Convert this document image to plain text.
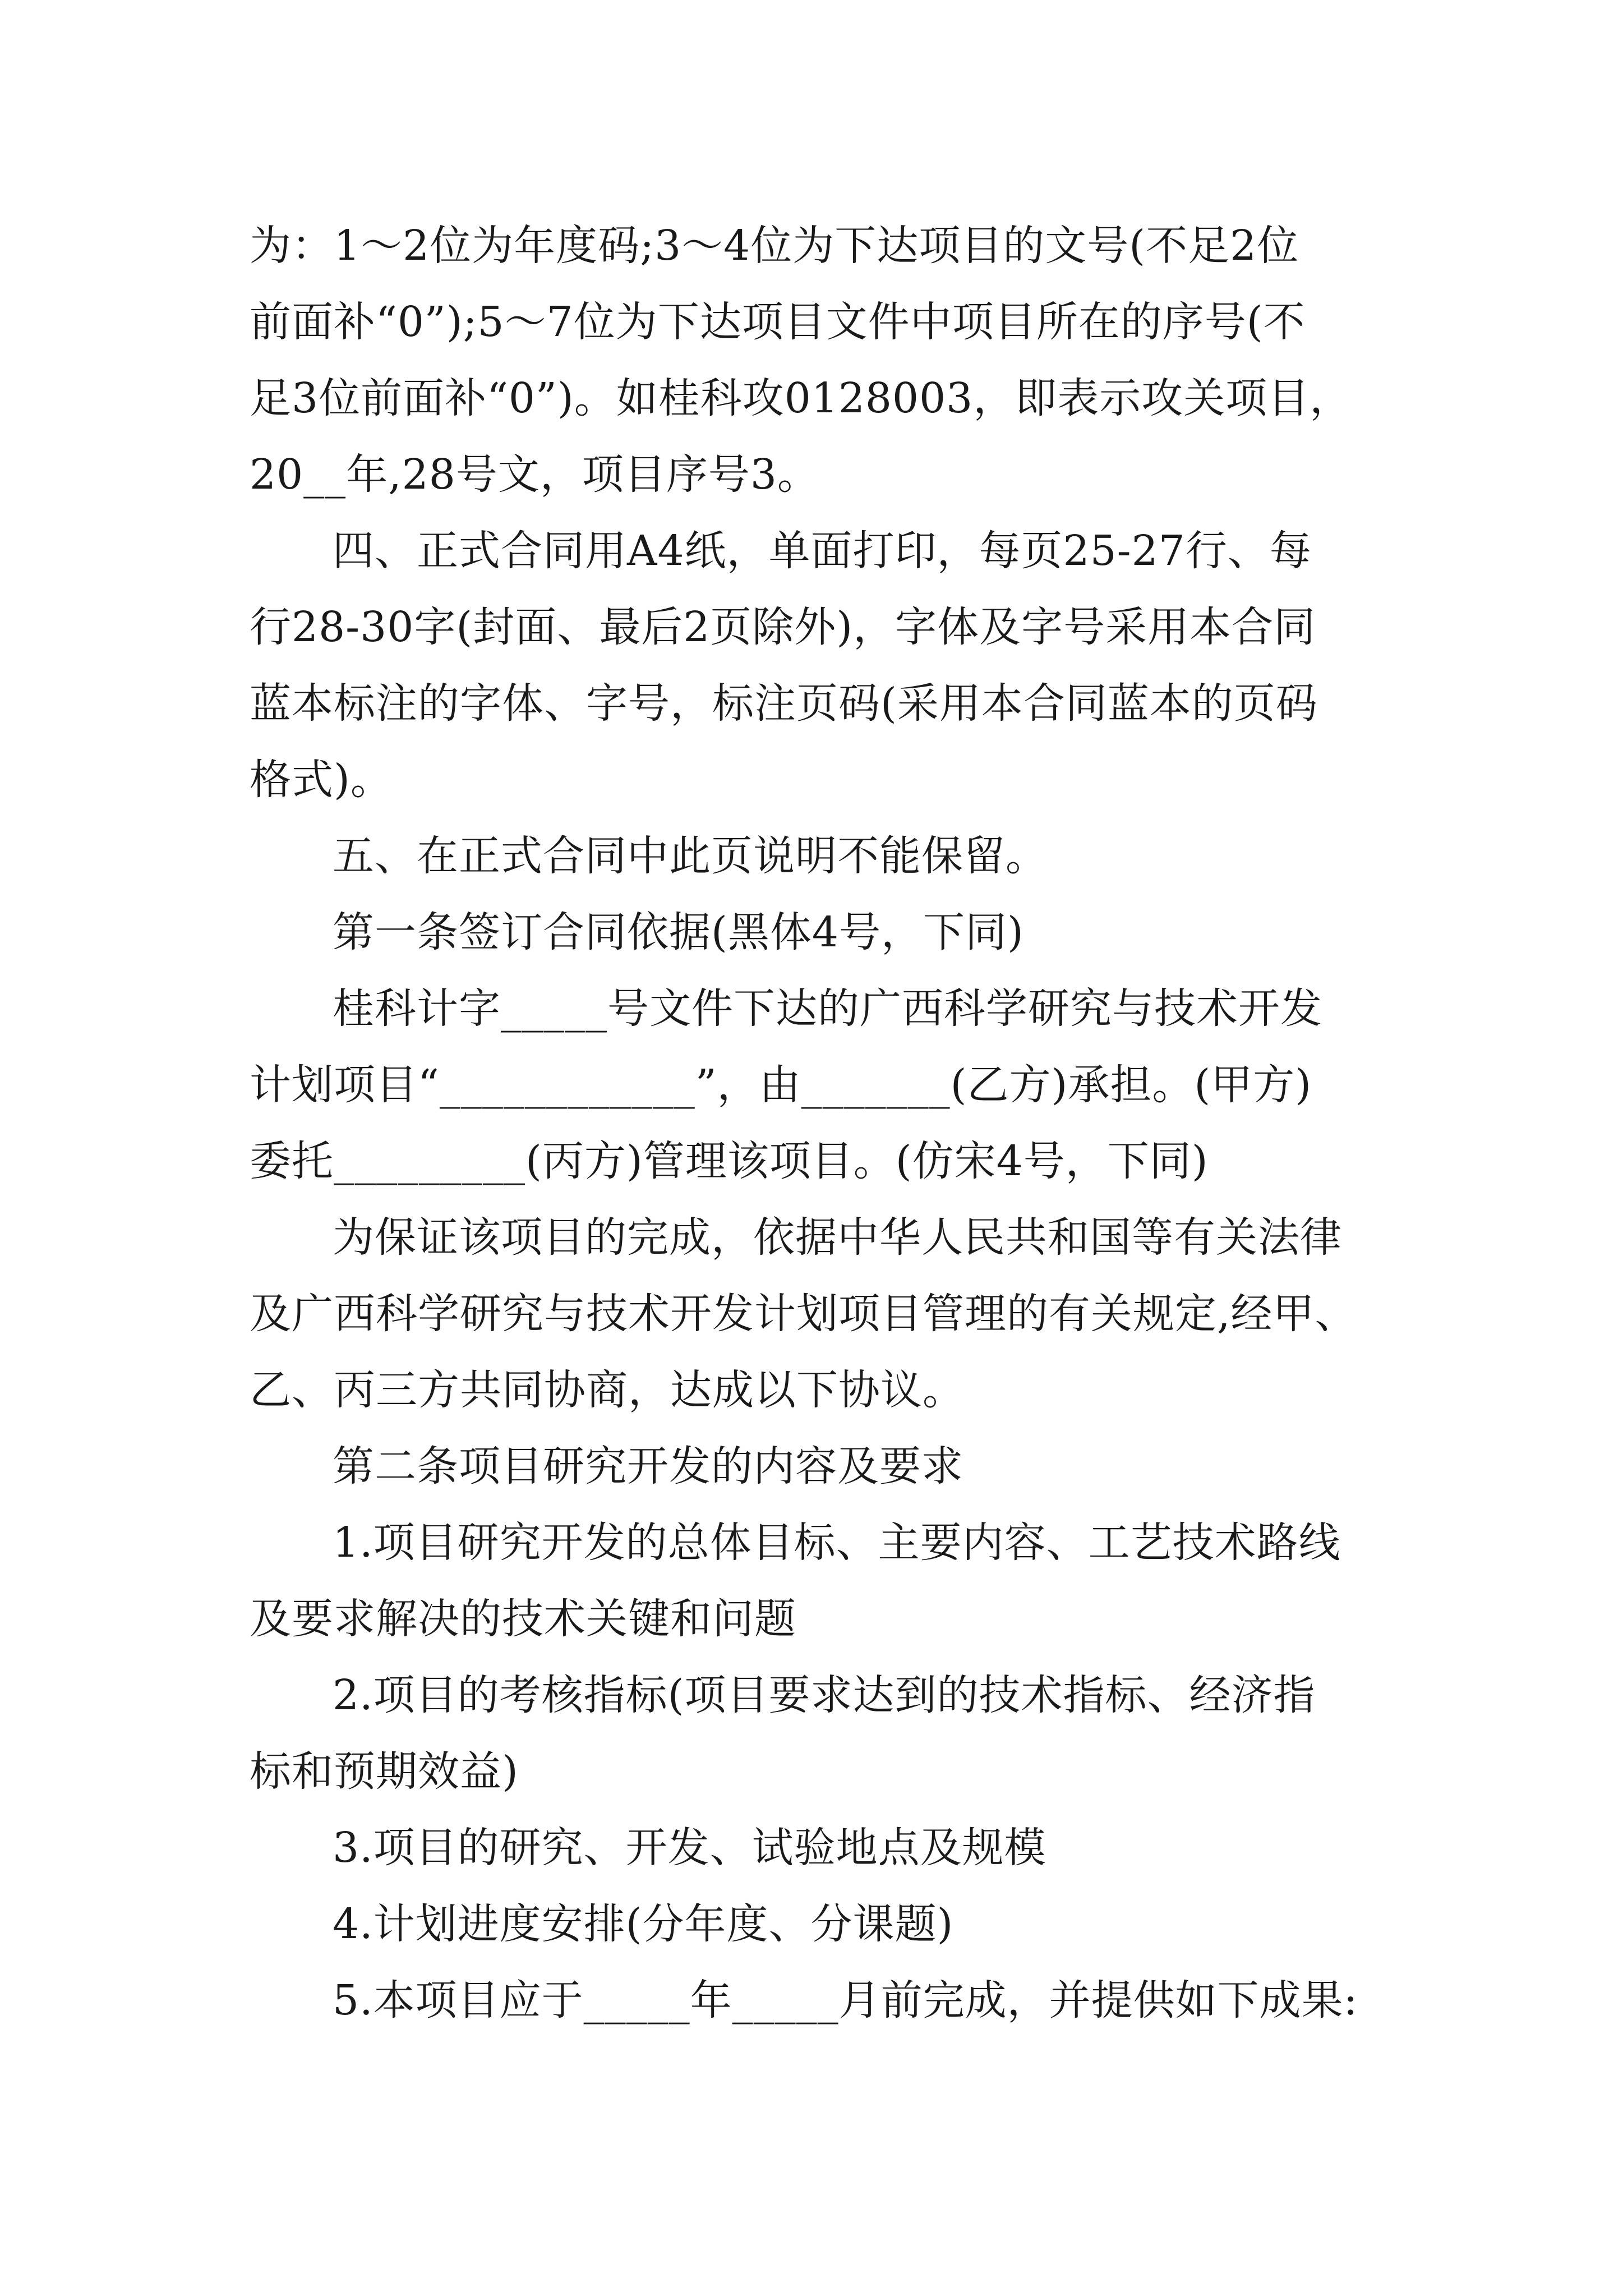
为：1～2位为年度码;3～4位为下达项目的文号(不足2位
前面补“0”);5～7位为下达项目文件中项目所在的序号(不
足3位前面补“0”)。如桂科攻0128003，即表示攻关项目，
20__年,28号文，项目序号3。
四、正式合同用A4纸，单面打印，每页25-27行、每
行28-30字(封面、最后2页除外)，字体及字号采用本合同
蓝本标注的字体、字号，标注页码(采用本合同蓝本的页码
格式)。
五、在正式合同中此页说明不能保留。
第一条签订合同依据(黑体4号，下同)
桂科计字_____号文件下达的广西科学研究与技术开发
计划项目“____________”，由_______(乙方)承担。(甲方)
委托_________(丙方)管理该项目。(仿宋4号，下同)
为保证该项目的完成，依据中华人民共和国等有关法律
及广西科学研究与技术开发计划项目管理的有关规定,经甲、
乙、丙三方共同协商，达成以下协议。
第二条项目研究开发的内容及要求
1.项目研究开发的总体目标、主要内容、工艺技术路线
及要求解决的技术关键和问题
2.项目的考核指标(项目要求达到的技术指标、经济指
标和预期效益)
3.项目的研究、开发、试验地点及规模
4.计划进度安排(分年度、分课题)
5.本项目应于_____年_____月前完成，并提供如下成果:
